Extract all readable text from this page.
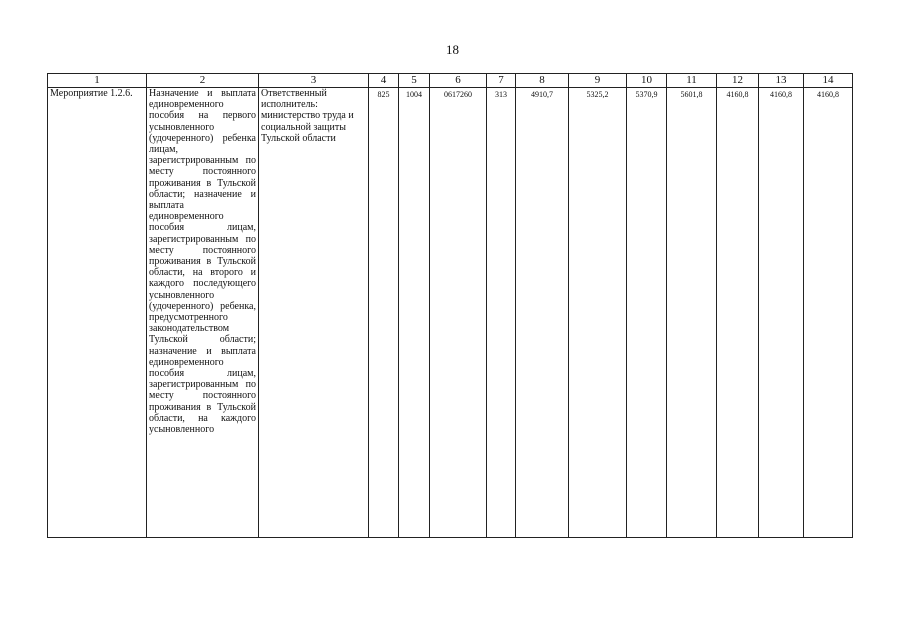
18
1	2	3	4	5	6	7	8	9	10	11	12	13	14
Мероприятие 1.2.6.	Назначение и выплата единовременного пособия на первого усыновленного (удочеренного) ребенка лицам, зарегистрированным по месту постоянного проживания в Тульской области; назначение и выплата единовременного пособия лицам, зарегистрированным по месту постоянного проживания в Тульской области, на второго и каждого последующего усыновленного (удочеренного) ребенка, предусмотренного законодательством Тульской области; назначение и выплата единовременного пособия лицам, зарегистрированным по месту постоянного проживания в Тульской области, на каждого усыновленного	Ответственный исполнитель: министерство труда и социальной защиты Тульской области	825	1004	0617260	313	4910,7	5325,2	5370,9	5601,8	4160,8	4160,8	4160,8
